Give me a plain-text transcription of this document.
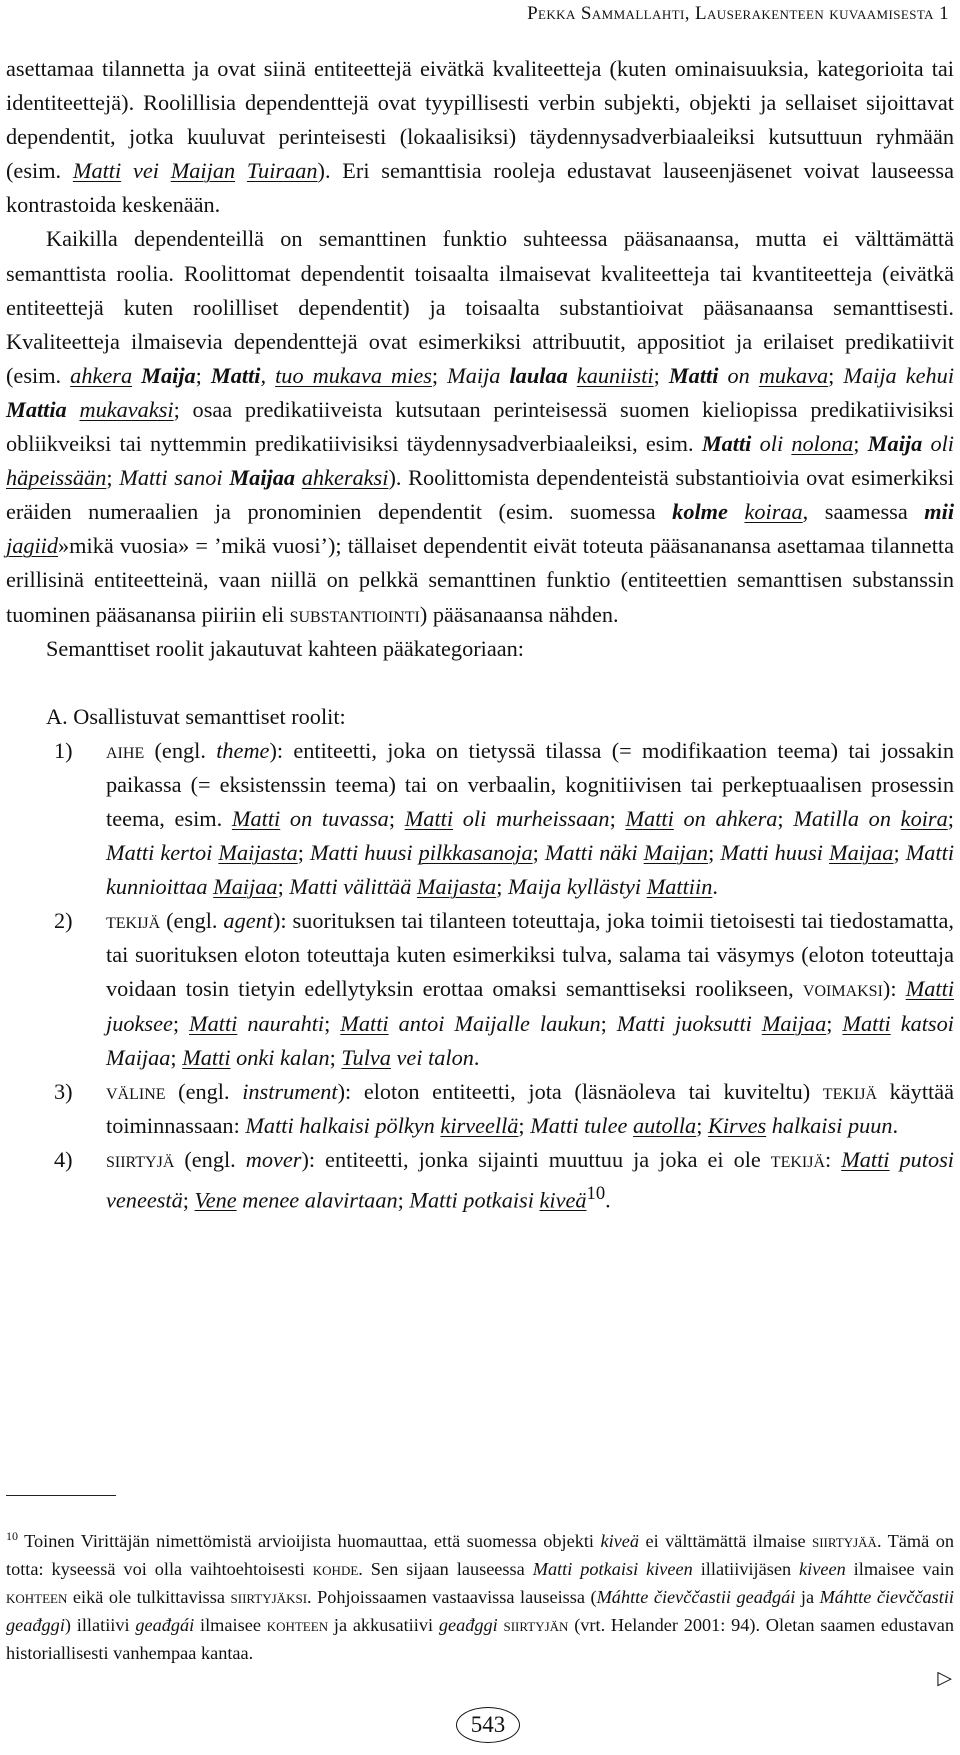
Pekka Sammallahti, Lauserakenteen kuvaamisesta 1

asettamaa tilannetta ja ovat siinä entiteettejä eivätkä kvaliteetteja (kuten ominaisuuksia, kategorioita tai identiteettejä). Roolillisia dependenttejä ovat tyypillisesti verbin subjekti, objekti ja sellaiset sijoittavat dependentit, jotka kuuluvat perinteisesti (lokaalisiksi) täydennysadverbiaaleiksi kutsuttuun ryhmään (esim. Matti vei Maijan Tuiraan). Eri semanttisia rooleja edustavat lauseenjäsenet voivat lauseessa kontrastoida keskenään.

Kaikilla dependenteillä on semanttinen funktio suhteessa pääsanaansa, mutta ei välttämättä semanttista roolia. Roolittomat dependentit toisaalta ilmaisevat kvaliteetteja tai kvantiteetteja (eivätkä entiteettejä kuten roolilliset dependentit) ja toisaalta substantioivat pääsanaansa semanttisesti. Kvaliteetteja ilmaisevia dependenttejä ovat esimerkiksi attribuutit, appositiot ja erilaiset predikatiivit (esim. ahkera Maija; Matti, tuo mukava mies; Maija laulaa kauniisti; Matti on mukava; Maija kehui Mattia mukavaksi; osaa predikatiiveista kutsutaan perinteisessä suomen kieliopissa predikatiivisiksi obliikveiksi tai nyttemmin predikatiivisiksi täydennysadverbiaaleiksi, esim. Matti oli nolona; Maija oli häpeissään; Matti sanoi Maijaa ahkeraksi). Roolittomista dependenteistä substantioivia ovat esimerkiksi eräiden numeraalien ja pronominien dependentit (esim. suomessa kolme koiraa, saamessa mii jagiid»mikä vuosia» = ’mikä vuosi’); tällaiset dependentit eivät toteuta pääsananansa asettamaa tilannetta erillisinä entiteetteinä, vaan niillä on pelkkä semanttinen funktio (entiteettien semanttisen substanssin tuominen pääsanansa piiriin eli substantiointi) pääsanaansa nähden.

Semanttiset roolit jakautuvat kahteen pääkategoriaan:

A. Osallistuvat semanttiset roolit:

1) aihe (engl. theme): entiteetti, joka on tietyssä tilassa (= modifikaation teema) tai jossakin paikassa (= eksistenssin teema) tai on verbaalin, kognitiivisen tai perkeptuaalisen prosessin teema, esim. Matti on tuvassa; Matti oli murheissaan; Matti on ahkera; Matilla on koira; Matti kertoi Maijasta; Matti huusi pilkkasanoja; Matti näki Maijan; Matti huusi Maijaa; Matti kunnioittaa Maijaa; Matti välittää Maijasta; Maija kyllästyi Mattiin.

2) tekijä (engl. agent): suorituksen tai tilanteen toteuttaja, joka toimii tietoisesti tai tiedostamatta, tai suorituksen eloton toteuttaja kuten esimerkiksi tulva, salama tai väsymys (eloton toteuttaja voidaan tosin tietyin edellytyksin erottaa omaksi semanttiseksi roolikseen, voimaksi): Matti juoksee; Matti naurahti; Matti antoi Maijalle laukun; Matti juoksutti Maijaa; Matti katsoi Maijaa; Matti onki kalan; Tulva vei talon.

3) väline (engl. instrument): eloton entiteetti, jota (läsnäoleva tai kuviteltu) tekijä käyttää toiminnassaan: Matti halkaisi pölkyn kirveellä; Matti tulee autolla; Kirves halkaisi puun.

4) siirtyjä (engl. mover): entiteetti, jonka sijainti muuttuu ja joka ei ole tekijä: Matti putosi veneestä; Vene menee alavirtaan; Matti potkaisi kiveä$^{10}$.

$^{10}$ Toinen Virittäjän nimettömistä arvioijista huomauttaa, että suomessa objekti kiveä ei välttämättä ilmaise siirtyjää. Tämä on totta: kyseessä voi olla vaihtoehtoisesti kohde. Sen sijaan lauseessa Matti potkaisi kiveen illatiivijäsen kiveen ilmaisee vain kohteen eikä ole tulkittavissa siirtyjäksi. Pohjoissaamen vastaavissa lauseissa (Máhtte čievččastii geađgái ja Máhtte čievččastii geađggi) illatiivi geađgái ilmaisee kohteen ja akkusatiivi geađggi siirtyjän (vrt. Helander 2001: 94). Oletan saamen edustavan historiallisesti vanhempaa kantaa.

▷
543
